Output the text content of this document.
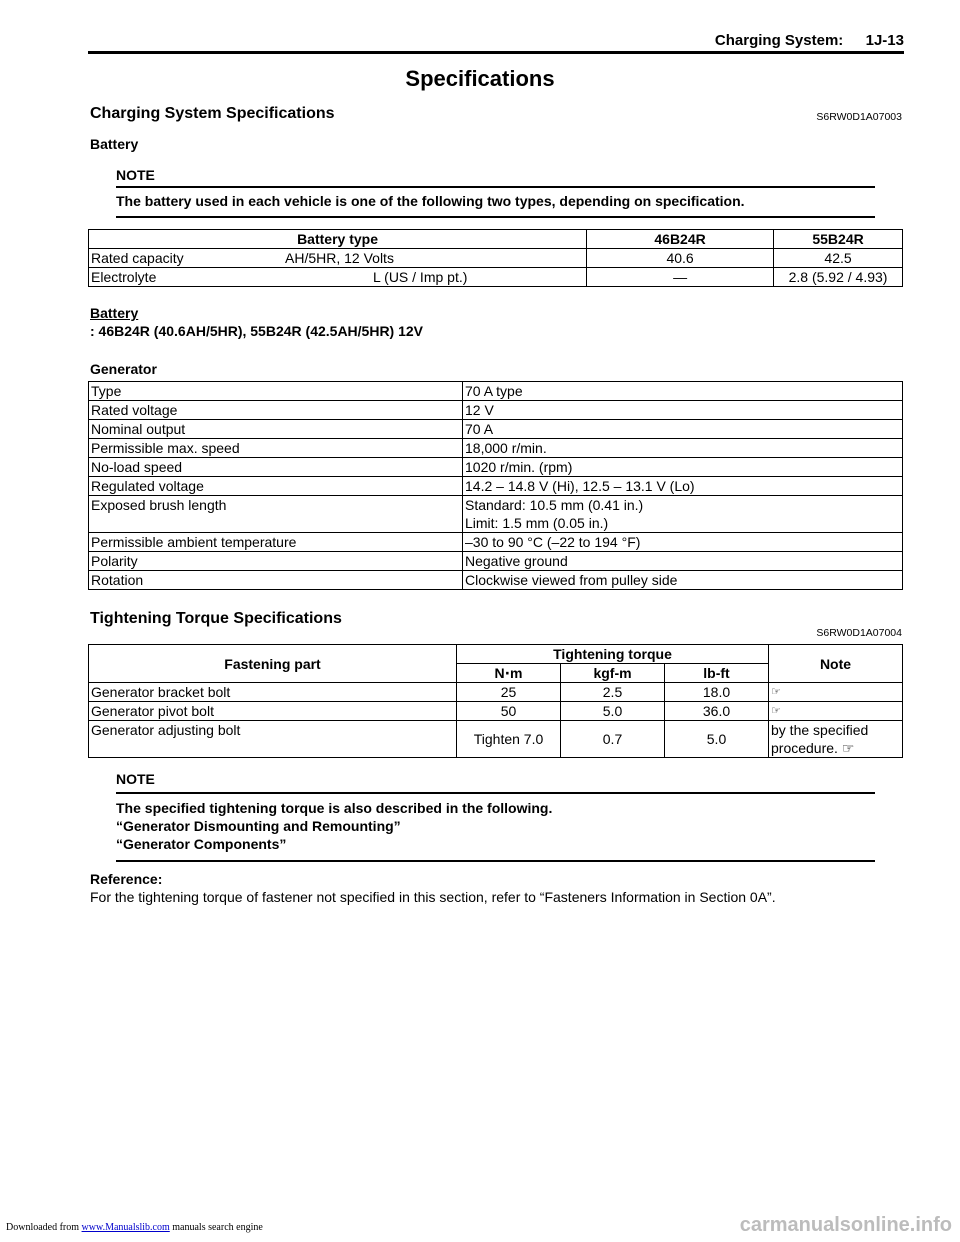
Charging System: 1J-13
Specifications
Charging System Specifications	S6RW0D1A07003
Battery
NOTE
The battery used in each vehicle is one of the following two types, depending on specification.
Battery type		46B24R	55B24R
Rated capacity	AH/5HR, 12 Volts	40.6	42.5
Electrolyte	L (US / Imp pt.)	—	2.8 (5.92 / 4.93)
Battery
: 46B24R (40.6AH/5HR), 55B24R (42.5AH/5HR) 12V
Generator
Type	70 A type
Rated voltage	12 V
Nominal output	70 A
Permissible max. speed	18,000 r/min.
No-load speed	1020 r/min. (rpm)
Regulated voltage	14.2 – 14.8 V (Hi), 12.5 – 13.1 V (Lo)
Exposed brush length	Standard: 10.5 mm (0.41 in.)
Limit: 1.5 mm (0.05 in.)

Permissible ambient temperature	–30 to 90 °C (–22 to 194 °F)
Polarity	Negative ground
Rotation	Clockwise viewed from pulley side
Tightening Torque Specifications
S6RW0D1A07004
Fastening part	Tightening torque			Note
	N⋅m	kgf-m	lb-ft	
Generator bracket bolt	25	2.5	18.0	☞
Generator pivot bolt	50	5.0	36.0	☞
Generator adjusting bolt	Tighten 7.0	0.7	5.0	by the specified
procedure. ☞
NOTE
The specified tightening torque is also described in the following.
“Generator Dismounting and Remounting”
“Generator Components”
Reference:
For the tightening torque of fastener not specified in this section, refer to “Fasteners Information in Section 0A”.
Downloaded from www.Manualslib.com manuals search engine	carmanualsonline.info
